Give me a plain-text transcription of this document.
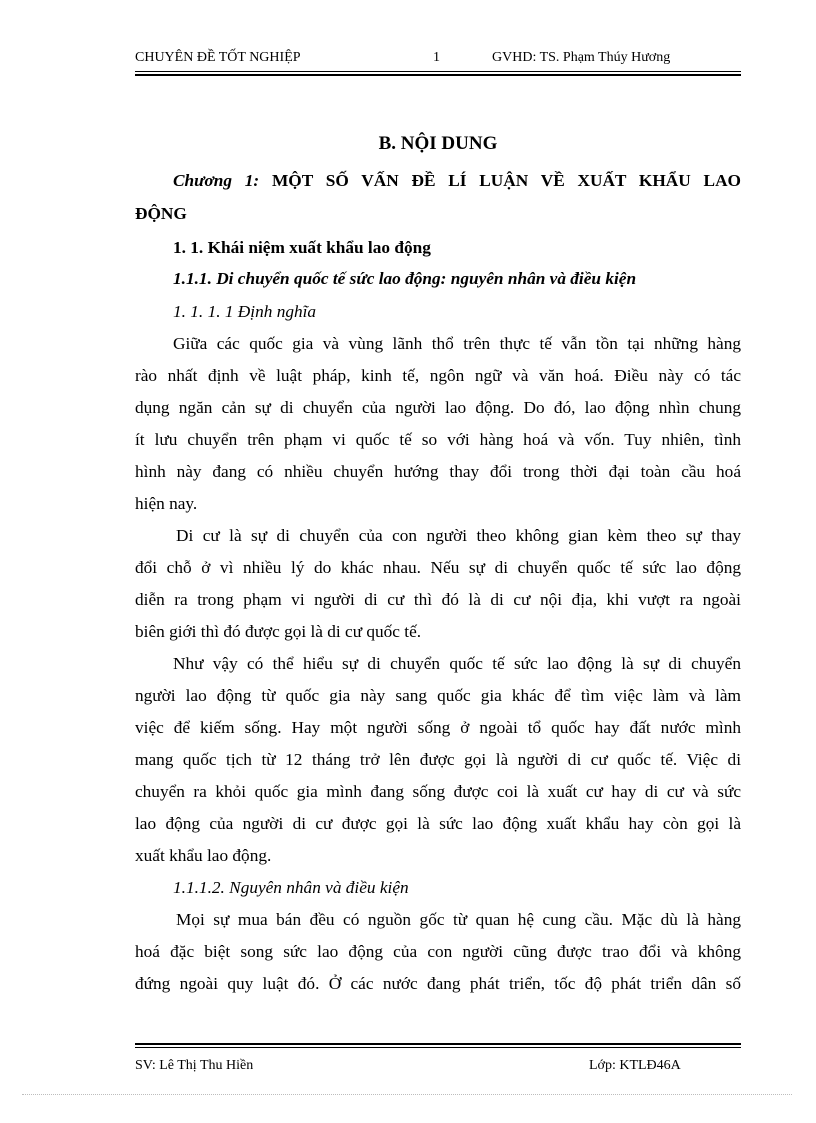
CHUYÊN ĐỀ TỐT NGHIỆP	1	GVHD: TS. Phạm Thúy Hương
B. NỘI DUNG
Chương 1: MỘT SỐ VẤN ĐỀ LÍ LUẬN VỀ XUẤT KHẨU LAO
ĐỘNG
1. 1. Khái niệm xuất khẩu lao động
1.1.1. Di chuyển quốc tế sức lao động: nguyên nhân và điều kiện
1. 1. 1. 1 Định nghĩa
Giữa các quốc gia và vùng lãnh thổ trên thực tế vẫn tồn tại những hàng
rào nhất định về luật pháp, kinh tế, ngôn ngữ và văn hoá. Điều này có tác
dụng ngăn cản sự di chuyển của người lao động. Do đó, lao động nhìn chung
ít lưu chuyển trên phạm vi quốc tế so với hàng hoá và vốn. Tuy nhiên, tình
hình này đang có nhiều chuyển hướng thay đổi trong thời đại toàn cầu hoá
hiện nay.
Di cư là sự di chuyển của con người theo không gian kèm theo sự thay
đổi chỗ ở vì nhiều lý do khác nhau. Nếu sự di chuyển quốc tế sức lao động
diễn ra trong phạm vi người di cư thì đó là di cư nội địa, khi vượt ra ngoài
biên giới thì đó được gọi là di cư quốc tế.
Như vậy có thể hiểu sự di chuyển quốc tế sức lao động là sự di chuyển
người lao động từ quốc gia này sang quốc gia khác để tìm việc làm và làm
việc để kiếm sống. Hay một người sống ở ngoài tổ quốc hay đất nước mình
mang quốc tịch từ 12 tháng trở lên được gọi là người di cư quốc tế. Việc di
chuyển ra khỏi quốc gia mình đang sống được coi là xuất cư hay di cư và sức
lao động của người di cư được gọi là sức lao động xuất khẩu hay còn gọi là
xuất khẩu lao động.
1.1.1.2. Nguyên nhân và điều kiện
Mọi sự mua bán đều có nguồn gốc từ quan hệ cung cầu. Mặc dù là hàng
hoá đặc biệt song sức lao động của con người cũng được trao đổi và không
đứng ngoài quy luật đó. Ở các nước đang phát triển, tốc độ phát triển dân số
SV: Lê Thị Thu Hiền	Lớp: KTLĐ46A
